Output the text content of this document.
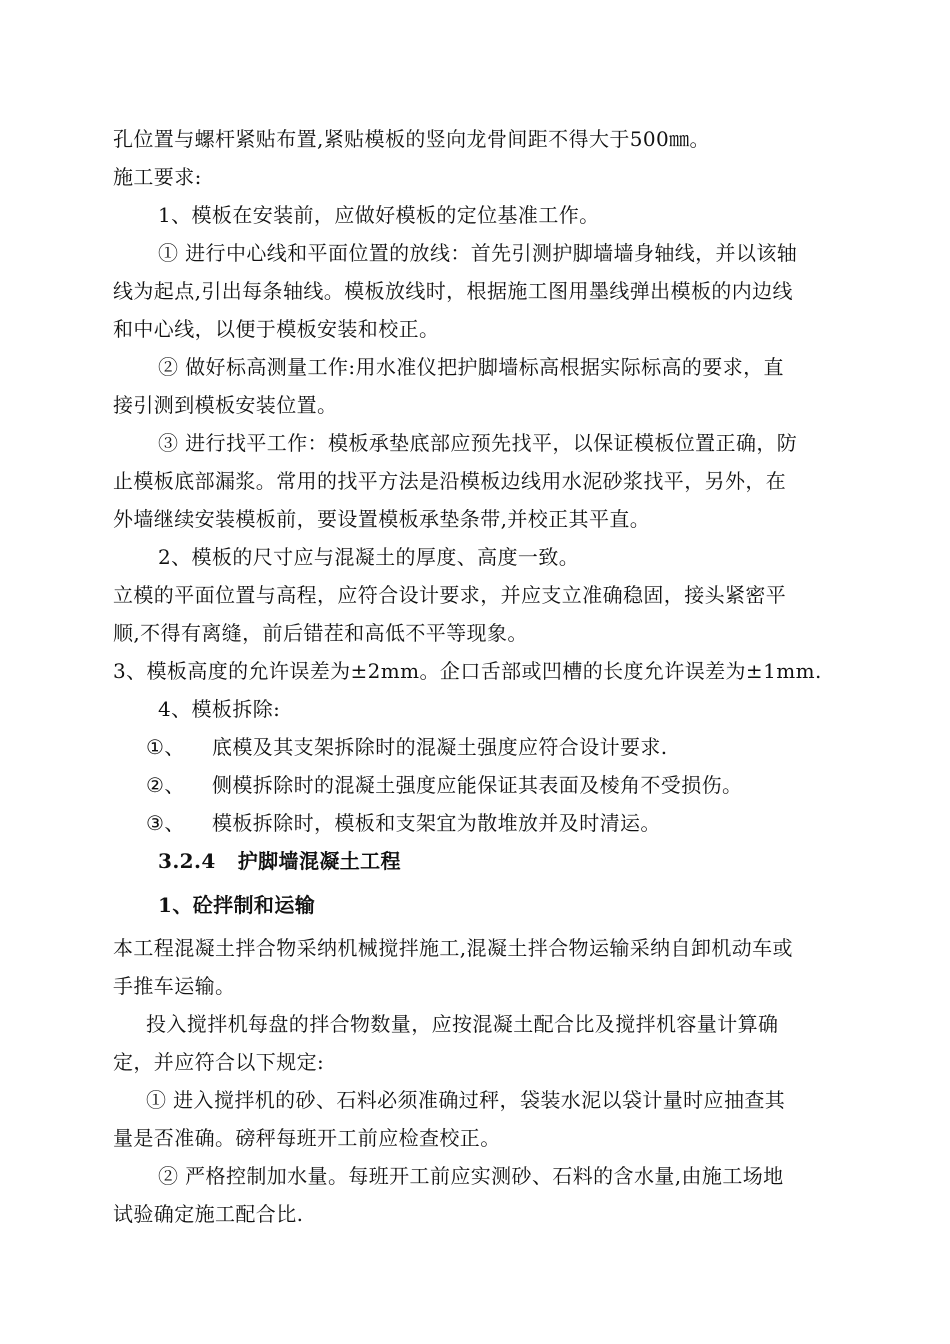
孔位置与螺杆紧贴布置,紧贴模板的竖向龙骨间距不得大于500㎜。
施工要求:
1、模板在安装前，应做好模板的定位基准工作。
① 进行中心线和平面位置的放线：首先引测护脚墙墙身轴线，并以该轴
线为起点,引出每条轴线。模板放线时，根据施工图用墨线弹出模板的内边线
和中心线，以便于模板安装和校正。
② 做好标高测量工作:用水准仪把护脚墙标高根据实际标高的要求，直
接引测到模板安装位置。
③ 进行找平工作：模板承垫底部应预先找平，以保证模板位置正确，防
止模板底部漏浆。常用的找平方法是沿模板边线用水泥砂浆找平，另外，在
外墙继续安装模板前，要设置模板承垫条带,并校正其平直。
2、模板的尺寸应与混凝土的厚度、高度一致。
立模的平面位置与高程，应符合设计要求，并应支立准确稳固，接头紧密平
顺,不得有离缝，前后错茬和高低不平等现象。
3、模板高度的允许误差为±2mm。企口舌部或凹槽的长度允许误差为±1mm.
4、模板拆除:
①、 底模及其支架拆除时的混凝土强度应符合设计要求.
②、 侧模拆除时的混凝土强度应能保证其表面及棱角不受损伤。
③、 模板拆除时，模板和支架宜为散堆放并及时清运。
3.2.4   护脚墙混凝土工程
1、砼拌制和运输
本工程混凝土拌合物采纳机械搅拌施工,混凝土拌合物运输采纳自卸机动车或
手推车运输。
投入搅拌机每盘的拌合物数量，应按混凝土配合比及搅拌机容量计算确
定，并应符合以下规定:
① 进入搅拌机的砂、石料必须准确过秤，袋装水泥以袋计量时应抽查其
量是否准确。磅秤每班开工前应检查校正。
② 严格控制加水量。每班开工前应实测砂、石料的含水量,由施工场地
试验确定施工配合比.
